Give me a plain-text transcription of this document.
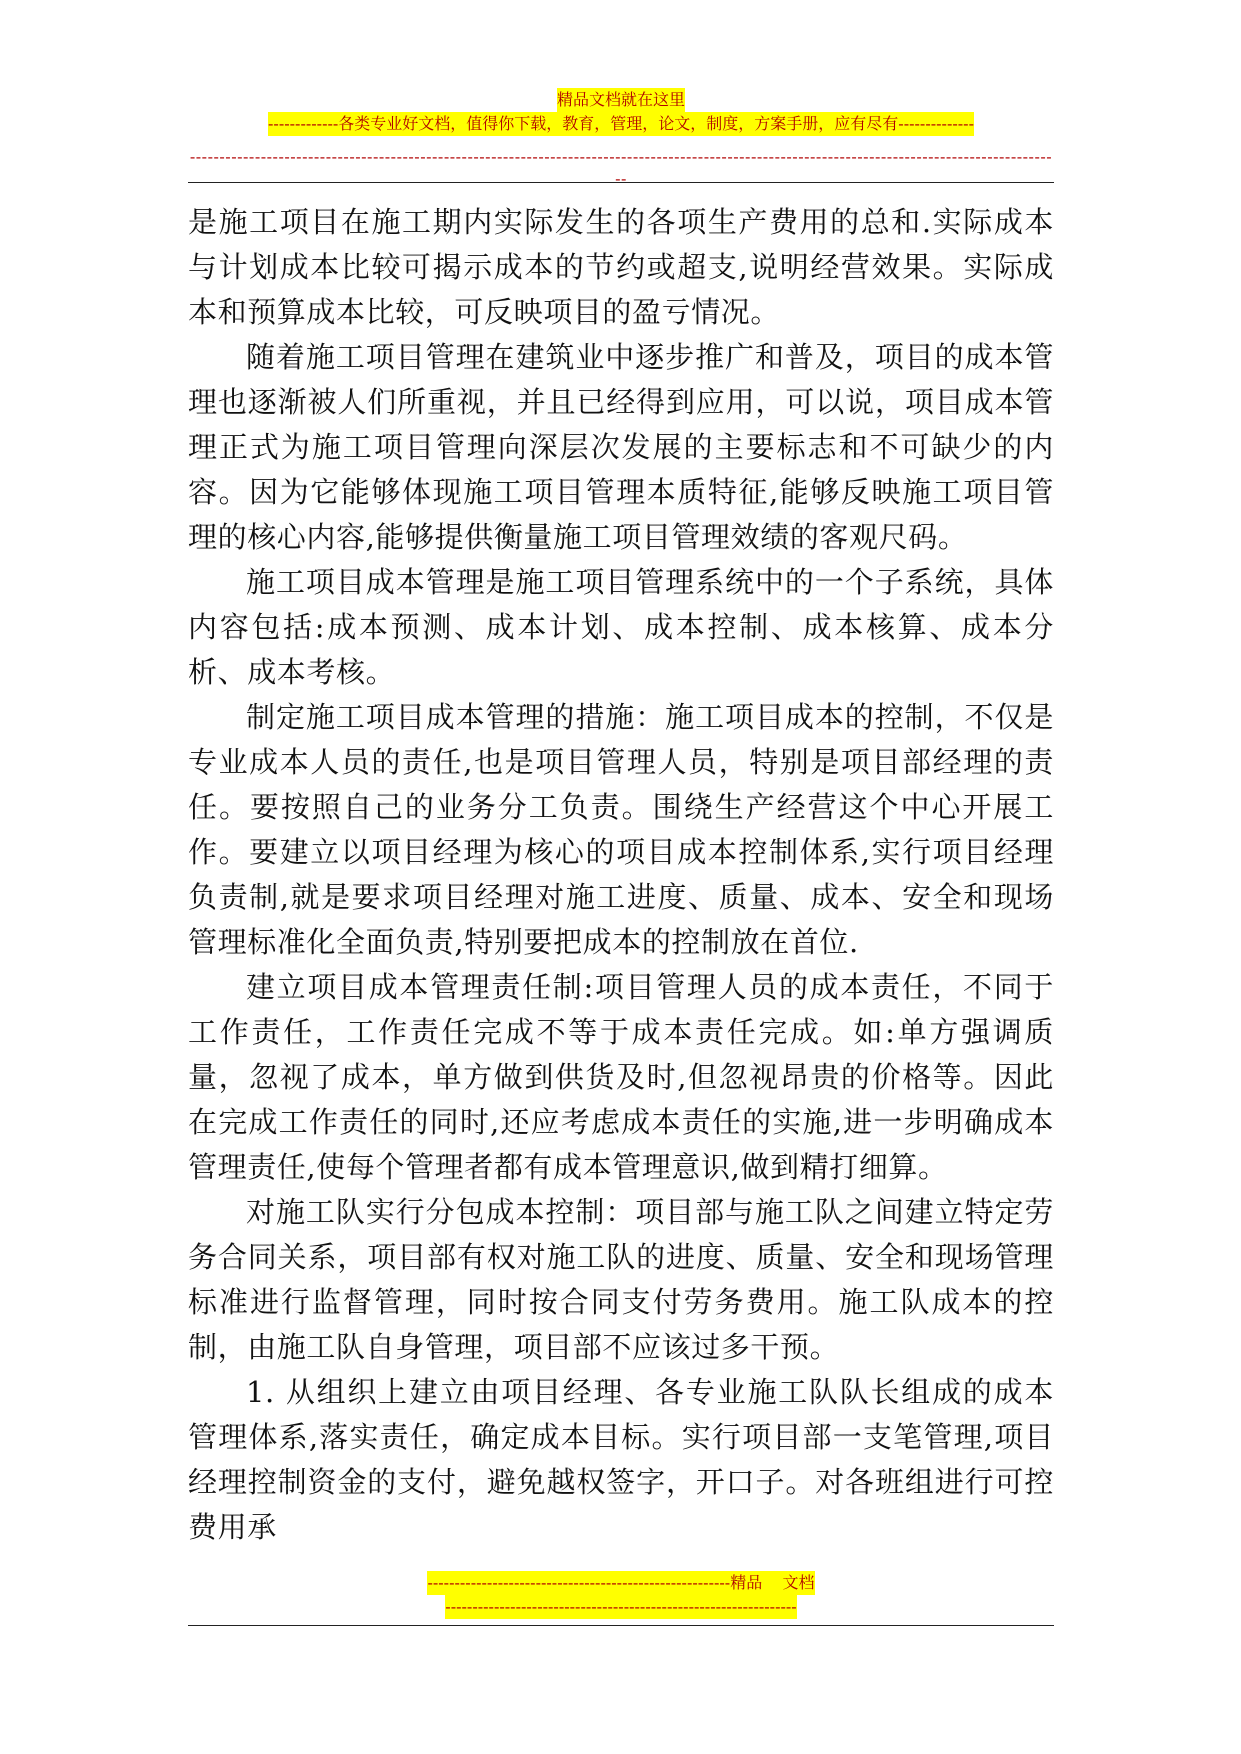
精品文档就在这里
-------------各类专业好文档，值得你下载，教育，管理，论文，制度，方案手册，应有尽有--------------
----------------------------------------------------------------------------------------------------------------------------------------------------

是施工项目在施工期内实际发生的各项生产费用的总和.实际成本与计划成本比较可揭示成本的节约或超支,说明经营效果。实际成本和预算成本比较，可反映项目的盈亏情况。

随着施工项目管理在建筑业中逐步推广和普及，项目的成本管理也逐渐被人们所重视，并且已经得到应用，可以说，项目成本管理正式为施工项目管理向深层次发展的主要标志和不可缺少的内容。因为它能够体现施工项目管理本质特征,能够反映施工项目管理的核心内容,能够提供衡量施工项目管理效绩的客观尺码。

施工项目成本管理是施工项目管理系统中的一个子系统，具体内容包括:成本预测、成本计划、成本控制、成本核算、成本分析、成本考核。

制定施工项目成本管理的措施：施工项目成本的控制，不仅是专业成本人员的责任,也是项目管理人员，特别是项目部经理的责任。要按照自己的业务分工负责。围绕生产经营这个中心开展工作。要建立以项目经理为核心的项目成本控制体系,实行项目经理负责制,就是要求项目经理对施工进度、质量、成本、安全和现场管理标准化全面负责,特别要把成本的控制放在首位.

建立项目成本管理责任制:项目管理人员的成本责任，不同于工作责任，工作责任完成不等于成本责任完成。如:单方强调质量，忽视了成本，单方做到供货及时,但忽视昂贵的价格等。因此在完成工作责任的同时,还应考虑成本责任的实施,进一步明确成本管理责任,使每个管理者都有成本管理意识,做到精打细算。

对施工队实行分包成本控制：项目部与施工队之间建立特定劳务合同关系，项目部有权对施工队的进度、质量、安全和现场管理标准进行监督管理，同时按合同支付劳务费用。施工队成本的控制，由施工队自身管理，项目部不应该过多干预。

1. 从组织上建立由项目经理、各专业施工队队长组成的成本管理体系,落实责任，确定成本目标。实行项目部一支笔管理,项目经理控制资金的支付，避免越权签字，开口子。对各班组进行可控费用承

--------------------------------------------------------精品    文档
-----------------------------------------------------------------
